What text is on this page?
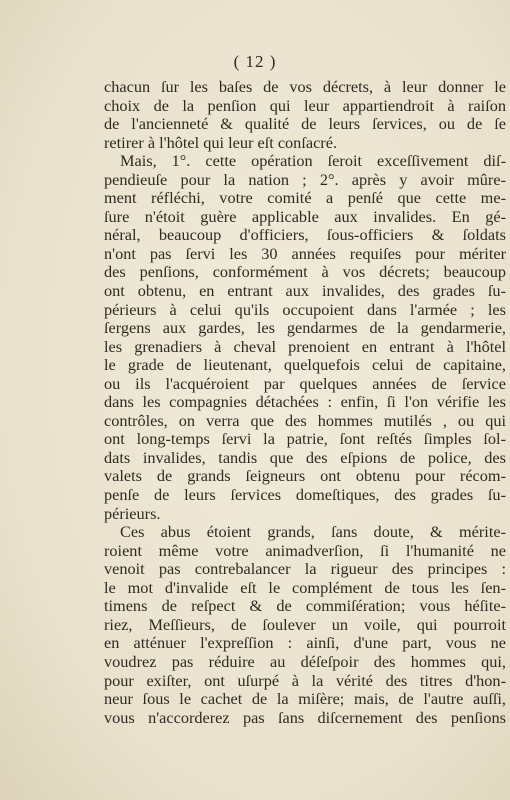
( 12 )
chacun ſur les baſes de vos décrets, à leur donner le
choix de la penſion qui leur appartiendroit à raiſon
de l'ancienneté & qualité de leurs ſervices, ou de ſe
retirer à l'hôtel qui leur eſt conſacré.
Mais, 1°. cette opération ſeroit exceſſivement diſ-
pendieuſe pour la nation ; 2°. après y avoir mûre-
ment réfléchi, votre comité a penſé que cette me-
ſure n'étoit guère applicable aux invalides. En gé-
néral, beaucoup d'officiers, ſous-officiers & ſoldats
n'ont pas ſervi les 30 années requiſes pour mériter
des penſions, conformément à vos décrets; beaucoup
ont obtenu, en entrant aux invalides, des grades ſu-
périeurs à celui qu'ils occupoient dans l'armée ; les
ſergens aux gardes, les gendarmes de la gendarmerie,
les grenadiers à cheval prenoient en entrant à l'hôtel
le grade de lieutenant, quelquefois celui de capitaine,
ou ils l'acquéroient par quelques années de ſervice
dans les compagnies détachées : enfin, ſi l'on vérifie les
contrôles, on verra que des hommes mutilés , ou qui
ont long-temps ſervi la patrie, ſont reſtés ſimples ſol-
dats invalides, tandis que des eſpions de police, des
valets de grands ſeigneurs ont obtenu pour récom-
penſe de leurs ſervices domeſtiques, des grades ſu-
périeurs.
Ces abus étoient grands, ſans doute, & mérite-
roient même votre animadverſion, ſi l'humanité ne
venoit pas contrebalancer la rigueur des principes :
le mot d'invalide eſt le complément de tous les ſen-
timens de reſpect & de commiſération; vous héſite-
riez, Meſſieurs, de ſoulever un voile, qui pourroit
en atténuer l'expreſſion : ainſi, d'une part, vous ne
voudrez pas réduire au déſeſpoir des hommes qui,
pour exiſter, ont uſurpé à la vérité des titres d'hon-
neur ſous le cachet de la miſère; mais, de l'autre auſſi,
vous n'accorderez pas ſans diſcernement des penſions
